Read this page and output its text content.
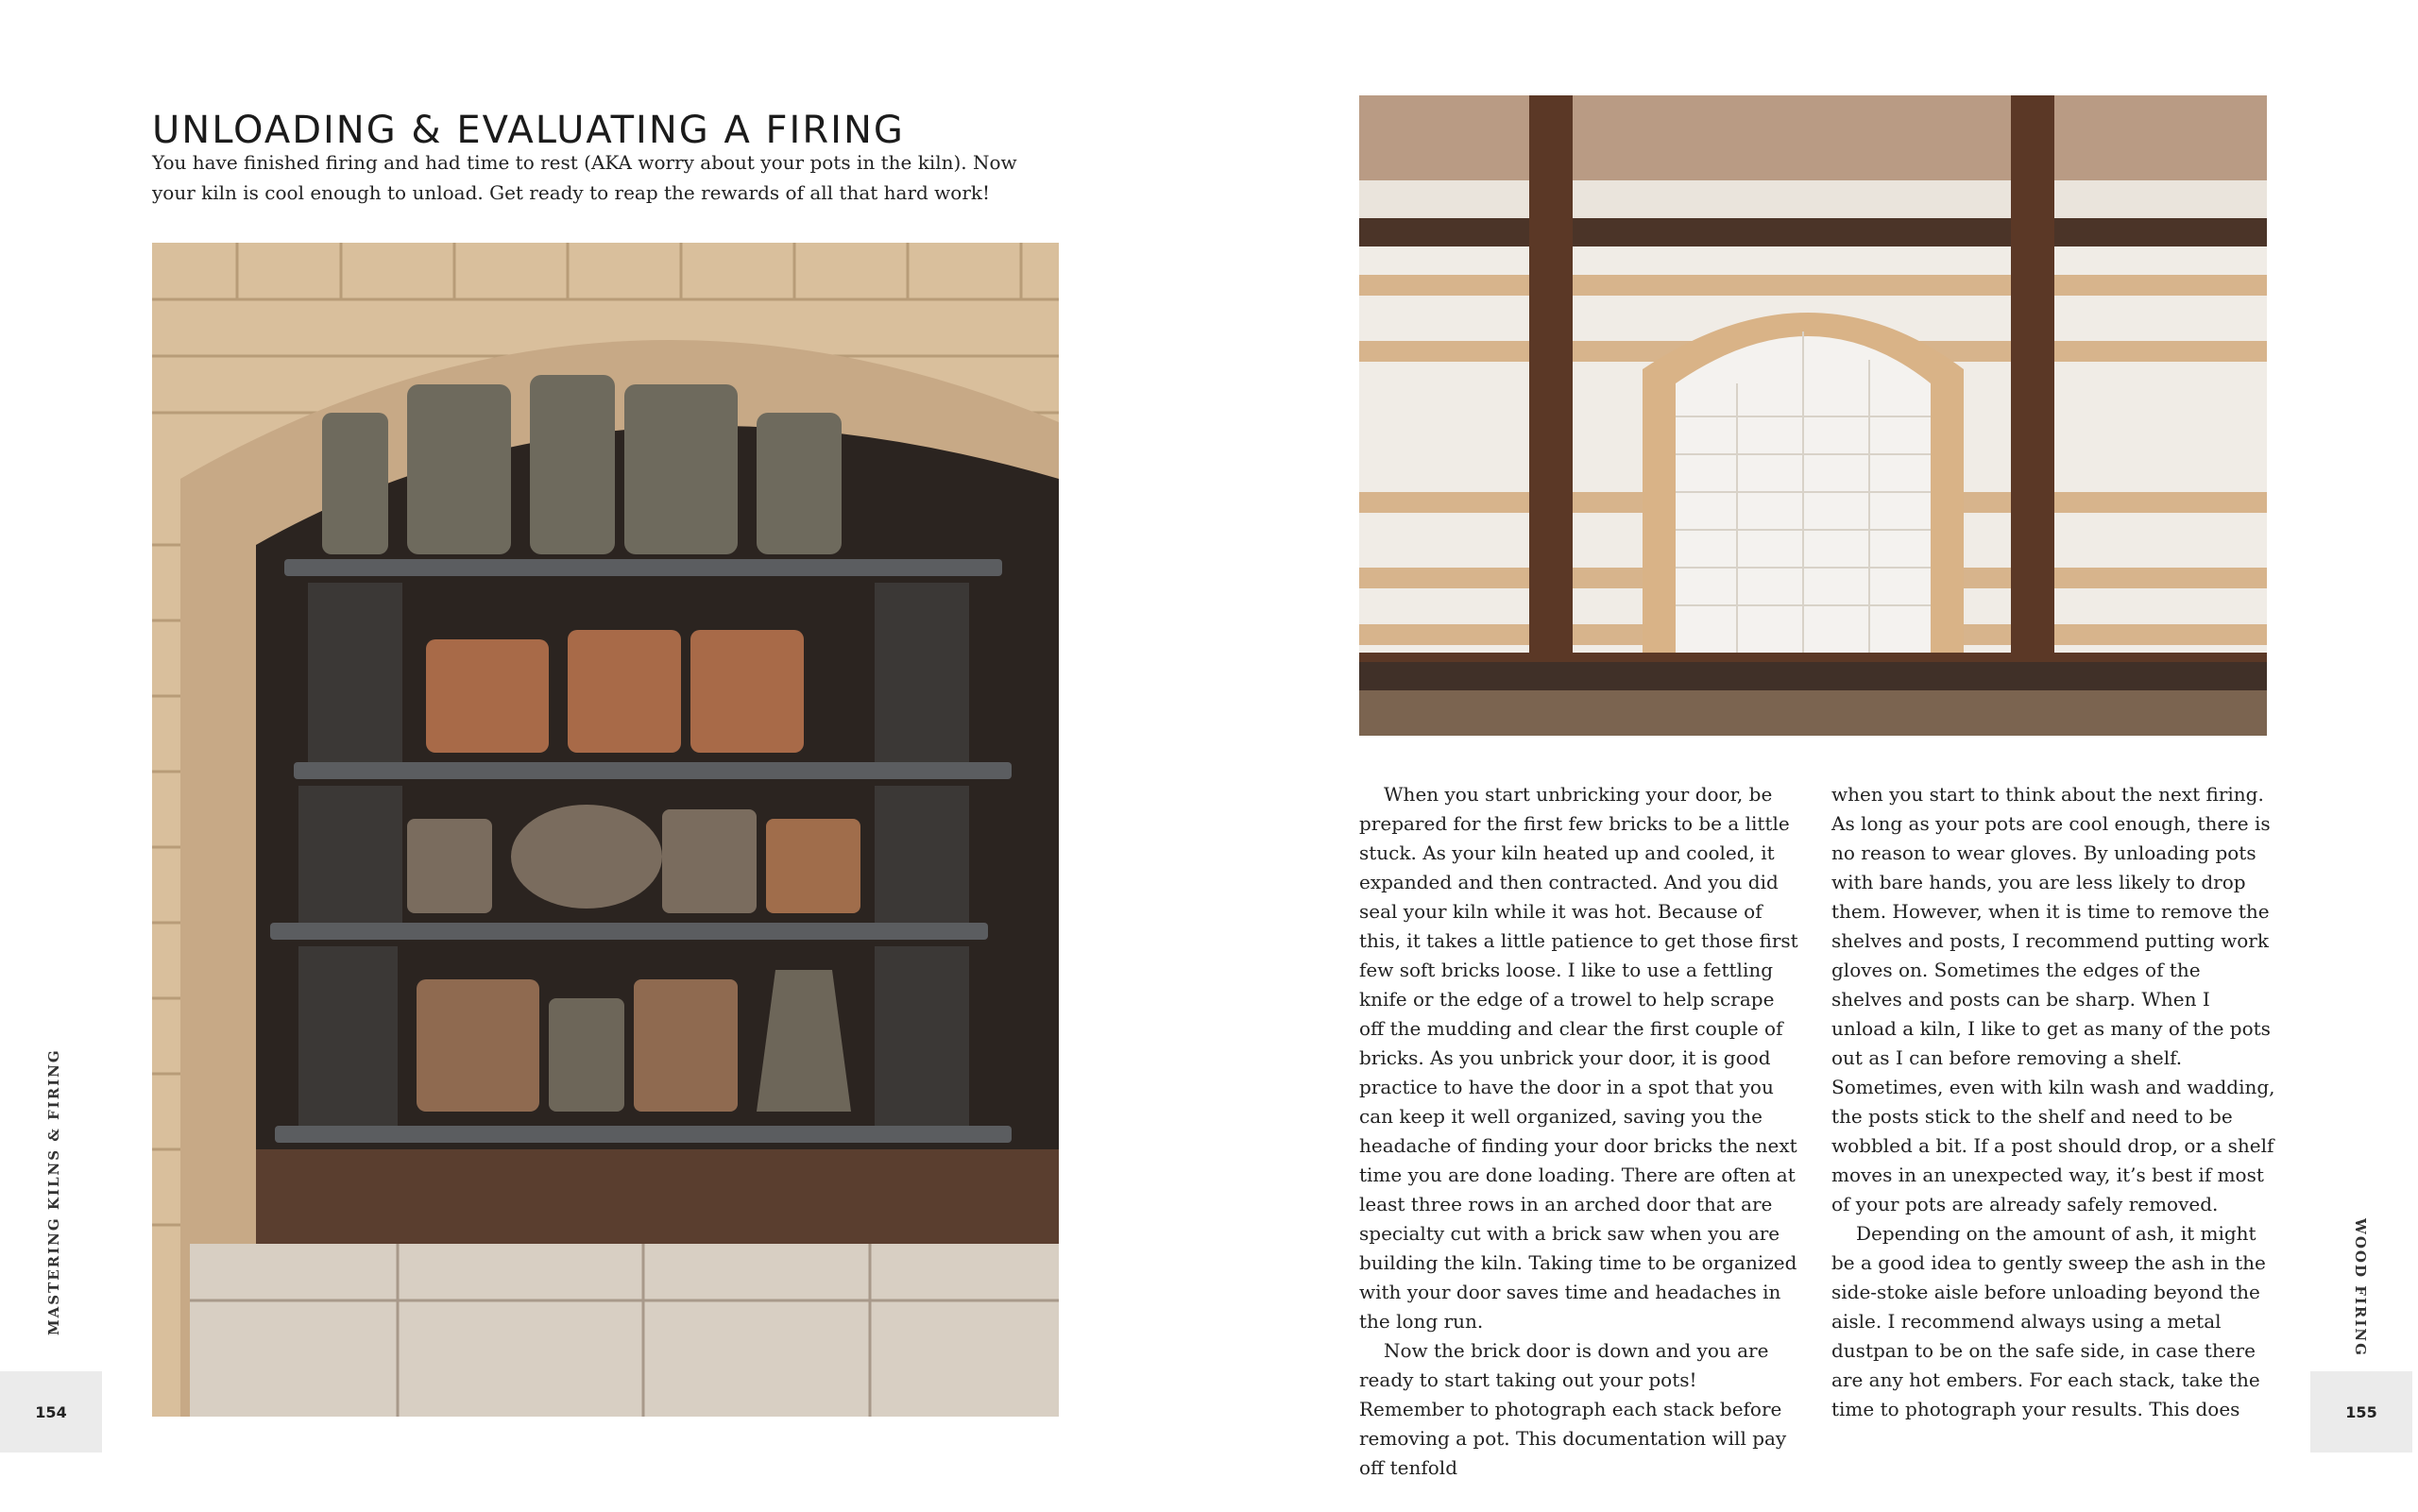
UNLOADING & EVALUATING A FIRING
You have finished firing and had time to rest (AKA worry about your pots in the kiln). Now your kiln is cool enough to unload. Get ready to reap the rewards of all that hard work!
MASTERING KILNS & FIRING
154

When you start unbricking your door, be prepared for the first few bricks to be a little stuck. As your kiln heated up and cooled, it expanded and then contracted. And you did seal your kiln while it was hot. Because of this, it takes a little patience to get those first few soft bricks loose. I like to use a fettling knife or the edge of a trowel to help scrape off the mudding and clear the first couple of bricks. As you unbrick your door, it is good practice to have the door in a spot that you can keep it well organized, saving you the headache of finding your door bricks the next time you are done loading. There are often at least three rows in an arched door that are specialty cut with a brick saw when you are building the kiln. Taking time to be organized with your door saves time and headaches in the long run.

Now the brick door is down and you are ready to start taking out your pots! Remember to photograph each stack before removing a pot. This documentation will pay off tenfold

when you start to think about the next firing. As long as your pots are cool enough, there is no reason to wear gloves. By unloading pots with bare hands, you are less likely to drop them. However, when it is time to remove the shelves and posts, I recommend putting work gloves on. Sometimes the edges of the shelves and posts can be sharp. When I unload a kiln, I like to get as many of the pots out as I can before removing a shelf. Sometimes, even with kiln wash and wadding, the posts stick to the shelf and need to be wobbled a bit. If a post should drop, or a shelf moves in an unexpected way, it’s best if most of your pots are already safely removed.

Depending on the amount of ash, it might be a good idea to gently sweep the ash in the side-stoke aisle before unloading beyond the aisle. I recommend always using a metal dustpan to be on the safe side, in case there are any hot embers. For each stack, take the time to photograph your results. This does

WOOD FIRING
155
